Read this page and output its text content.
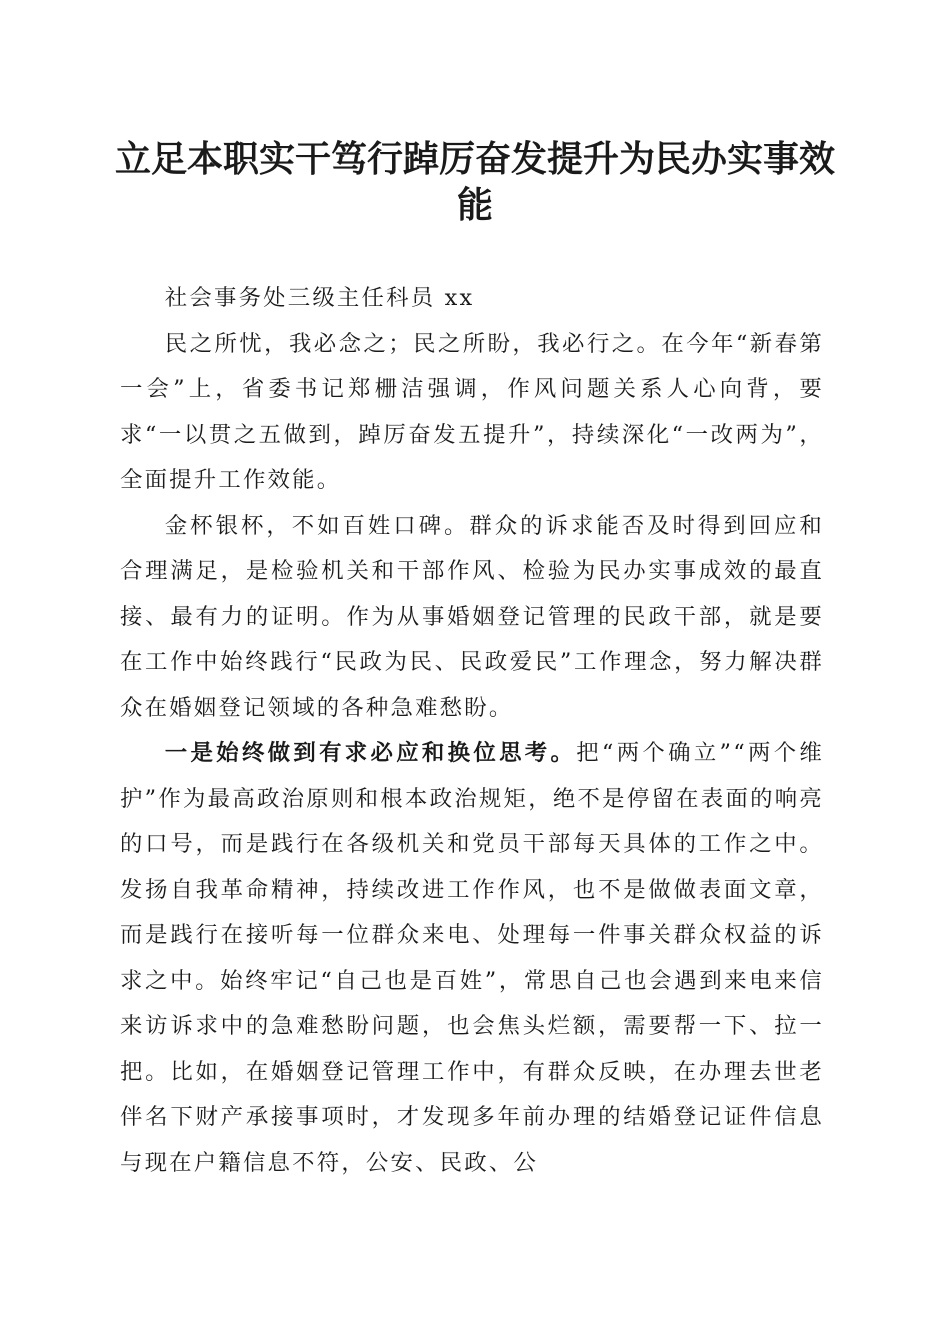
立足本职实干笃行踔厉奋发提升为民办实事效能

社会事务处三级主任科员 xx

民之所忧，我必念之；民之所盼，我必行之。在今年“新春第一会”上，省委书记郑栅洁强调，作风问题关系人心向背，要求“一以贯之五做到，踔厉奋发五提升”，持续深化“一改两为”，全面提升工作效能。

金杯银杯，不如百姓口碑。群众的诉求能否及时得到回应和合理满足，是检验机关和干部作风、检验为民办实事成效的最直接、最有力的证明。作为从事婚姻登记管理的民政干部，就是要在工作中始终践行“民政为民、民政爱民”工作理念，努力解决群众在婚姻登记领域的各种急难愁盼。

一是始终做到有求必应和换位思考。把“两个确立”“两个维护”作为最高政治原则和根本政治规矩，绝不是停留在表面的响亮的口号，而是践行在各级机关和党员干部每天具体的工作之中。发扬自我革命精神，持续改进工作作风，也不是做做表面文章，而是践行在接听每一位群众来电、处理每一件事关群众权益的诉求之中。始终牢记“自己也是百姓”，常思自己也会遇到来电来信来访诉求中的急难愁盼问题，也会焦头烂额，需要帮一下、拉一把。比如，在婚姻登记管理工作中，有群众反映，在办理去世老伴名下财产承接事项时，才发现多年前办理的结婚登记证件信息与现在户籍信息不符，公安、民政、公
